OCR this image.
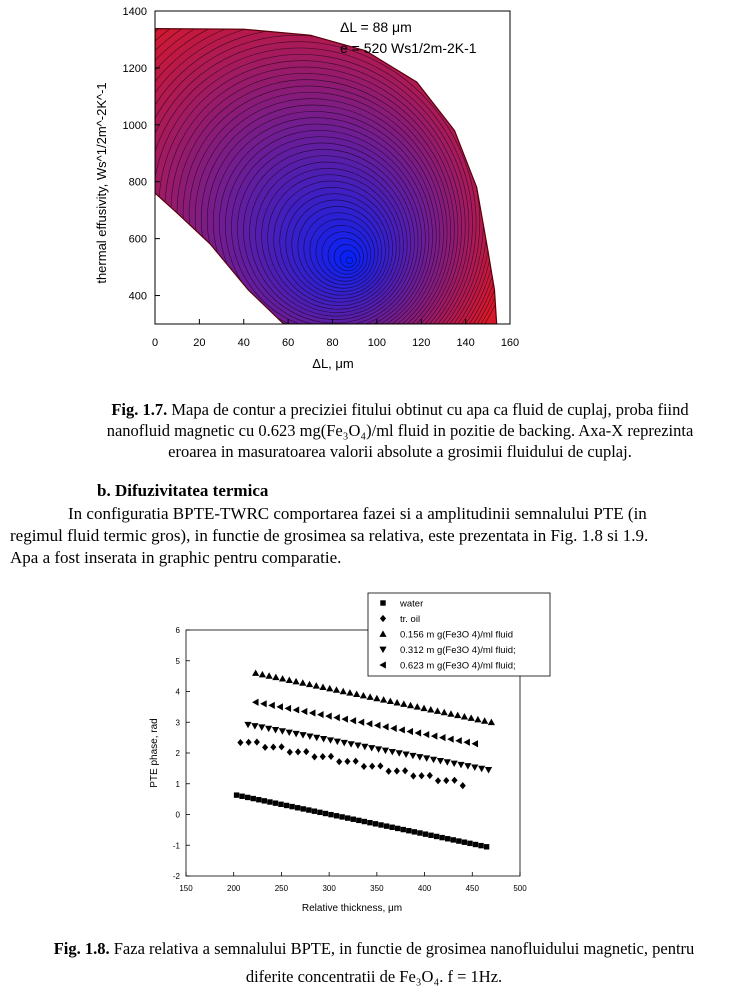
0	20	40	60	80	100 120 140 160
400
600
800
1000
1200
1400
ΔL, μm
thermal effusivity, Ws^1/2m^-2K^-1
ΔL = 88 μm
e = 520 Ws1/2m-2K-1
Fig. 1.7. Mapa de contur a preciziei fitului obtinut cu apa ca fluid de cuplaj, proba fiind
nanofluid magnetic cu 0.623 mg(Fe₃O₄)/ml fluid in pozitie de backing. Axa-X reprezinta
eroarea in masuratoarea valorii absolute a grosimii fluidului de cuplaj.
b. Difuzivitatea termica
In configuratia BPTE-TWRC comportarea fazei si a amplitudinii semnalului PTE (in
regimul fluid termic gros), in functie de grosimea sa relativa, este prezentata in Fig. 1.8 si 1.9.
Apa a fost inserata in graphic pentru comparatie.
150	200	250	300	350	400	450	500
-2
-1
0
1
2
3
4
5
6
water
tr. oil
0.156 m g(Fe3O 4)/ml fluid
0.312 m g(Fe3O 4)/ml fluid;
0.623 m g(Fe3O 4)/ml fluid;
Relative thickness, μm
PTE phase, rad
Fig. 1.8. Faza relativa a semnalului BPTE, in functie de grosimea nanofluidului magnetic, pentru
diferite concentratii de Fe₃O₄. f = 1Hz.
